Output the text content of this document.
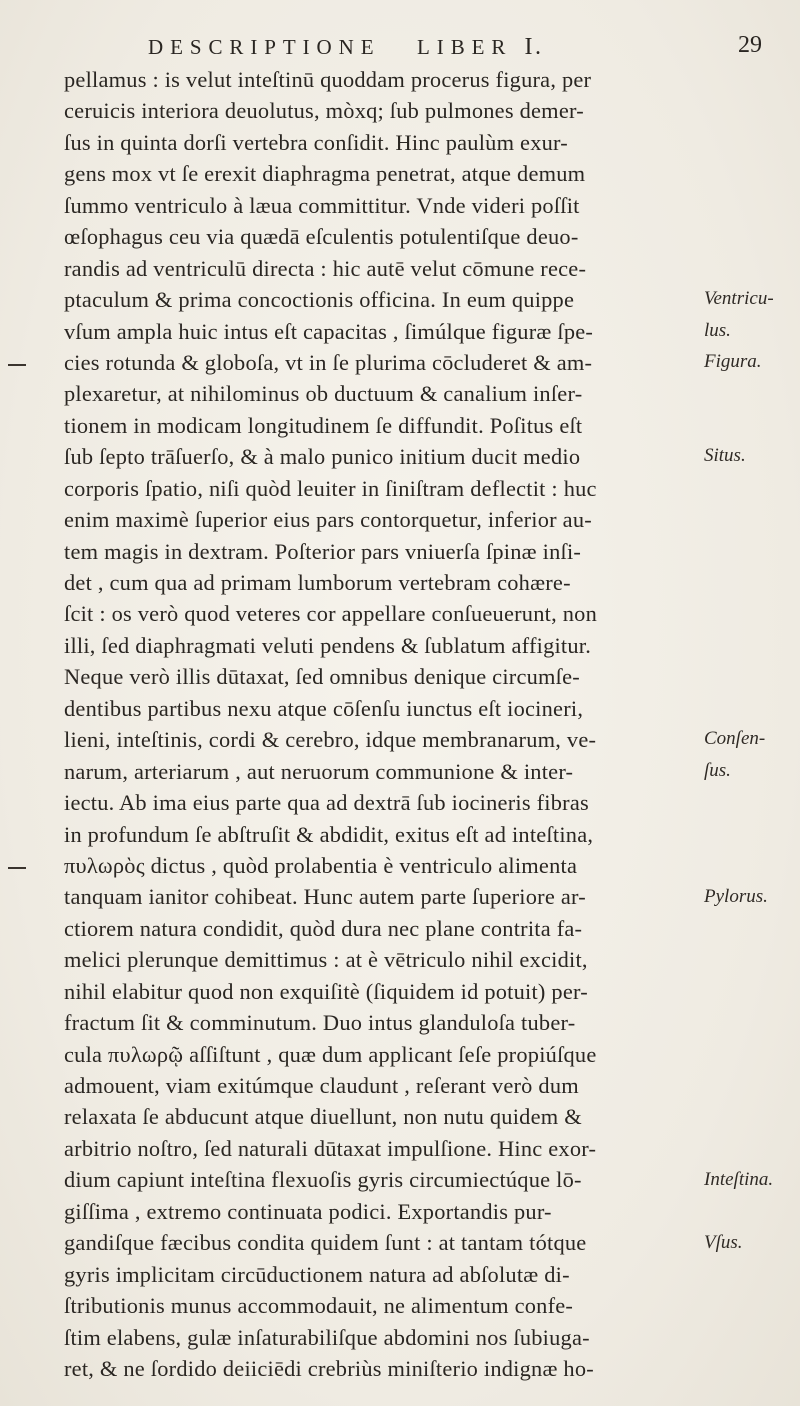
DESCRIPTIONE LIBER I.	29
pellamus : is velut inteſtinū quoddam procerus figura, per
ceruicis interiora deuolutus, mòxq; ſub pulmones demer-
ſus in quinta dorſi vertebra conſidit. Hinc paulùm exur-
gens mox vt ſe erexit diaphragma penetrat, atque demum
ſummo ventriculo à læua committitur. Vnde videri poſſit
œſophagus ceu via quædā eſculentis potulentiſque deuo-
randis ad ventriculū directa : hic autē velut cōmune rece-
ptaculum & prima concoctionis officina. In eum quippe
vſum ampla huic intus eſt capacitas , ſimúlque figuræ ſpe-
cies rotunda & globoſa, vt in ſe plurima cōcluderet & am-
plexaretur, at nihilominus ob ductuum & canalium inſer-
tionem in modicam longitudinem ſe diffundit. Poſitus eſt
ſub ſepto trāſuerſo, & à malo punico initium ducit medio
corporis ſpatio, niſi quòd leuiter in ſiniſtram deflectit : huc
enim maximè ſuperior eius pars contorquetur, inferior au-
tem magis in dextram. Poſterior pars vniuerſa ſpinæ inſi-
det , cum qua ad primam lumborum vertebram cohære-
ſcit : os verò quod veteres cor appellare conſueuerunt, non
illi, ſed diaphragmati veluti pendens & ſublatum affigitur.
Neque verò illis dūtaxat, ſed omnibus denique circumſe-
dentibus partibus nexu atque cōſenſu iunctus eſt iocineri,
lieni, inteſtinis, cordi & cerebro, idque membranarum, ve-
narum, arteriarum , aut neruorum communione & inter-
iectu. Ab ima eius parte qua ad dextrā ſub iocineris fibras
in profundum ſe abſtruſit & abdidit, exitus eſt ad inteſtina,
πυλωρὸς dictus , quòd prolabentia è ventriculo alimenta
tanquam ianitor cohibeat. Hunc autem parte ſuperiore ar-
ctiorem natura condidit, quòd dura nec plane contrita fa-
melici plerunque demittimus : at è vētriculo nihil excidit,
nihil elabitur quod non exquiſitè (ſiquidem id potuit) per-
fractum ſit & comminutum. Duo intus glanduloſa tuber-
cula πυλωρῷ aſſiſtunt , quæ dum applicant ſeſe propiúſque
admouent, viam exitúmque claudunt , reſerant verò dum
relaxata ſe abducunt atque diuellunt, non nutu quidem &
arbitrio noſtro, ſed naturali dūtaxat impulſione. Hinc exor-
dium capiunt inteſtina flexuoſis gyris circumiectúque lō-
giſſima , extremo continuata podici. Exportandis pur-
gandiſque fæcibus condita quidem ſunt : at tantam tótque
gyris implicitam circūductionem natura ad abſolutæ di-
ſtributionis munus accommodauit, ne alimentum confe-
ſtim elabens, gulæ inſaturabiliſque abdomini nos ſubiuga-
ret, & ne ſordido deiiciēdi crebriùs miniſterio indignæ ho-
Ventricu-
lus.
Figura.
Situs.
Conſen-
ſus.
Pylorus.
Inteſtina.
Vſus.
